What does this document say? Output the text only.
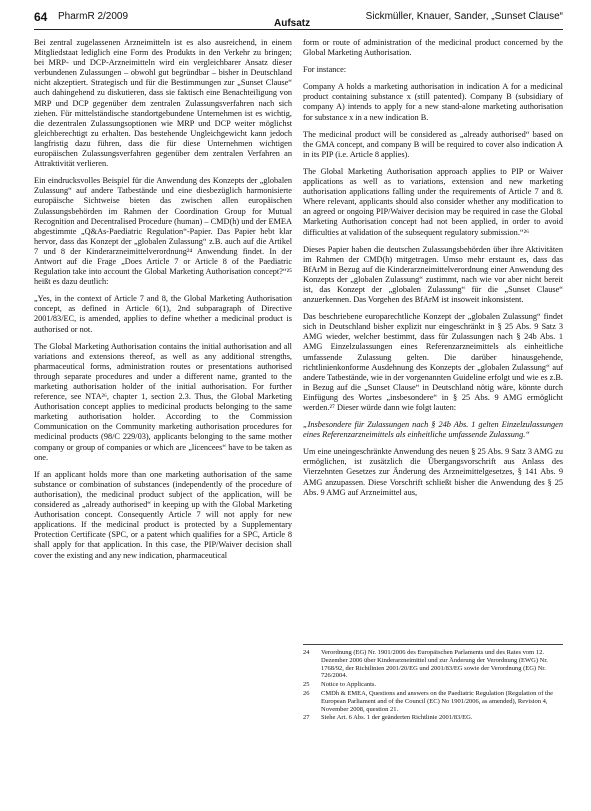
64 PharmR 2/2009
Aufsatz
Sickmüller, Knauer, Sander, „Sunset Clause“

Bei zentral zugelassenen Arzneimitteln ist es also ausreichend, in einem Mitgliedstaat lediglich eine Form des Produkts in den Verkehr zu bringen; bei MRP- und DCP-Arzneimitteln wird ein vergleichbarer Ansatz dieser verbundenen Zulassungen – obwohl gut begründbar – bisher in Deutschland nicht akzeptiert. Strategisch und für die Bestimmungen zur „Sunset Clause“ auch dahingehend zu diskutieren, dass sie faktisch eine Benachteiligung von MRP und DCP gegenüber dem zentralen Zulassungsverfahren nach sich ziehen. Für mittelständische standortgebundene Unternehmen ist es wichtig, die dezentralen Zulassungsoptionen wie MRP und DCP weiter möglichst gleichberechtigt zu erhalten. Das bestehende Ungleichgewicht kann jedoch langfristig dazu führen, dass die für diese Unternehmen wichtigen europäischen Zulassungsverfahren gegenüber dem zentralen Verfahren an Attraktivität verlieren.

Ein eindrucksvolles Beispiel für die Anwendung des Konzepts der „globalen Zulassung“ auf andere Tatbestände und eine diesbezüglich harmonisierte europäische Sichtweise bieten das zwischen allen europäischen Zulassungsbehörden im Rahmen der Coordination Group for Mutual Recognition and Decentralised Procedure (human) – CMD(h) und der EMEA abgestimmte „Q&As-Paediatric Regulation“-Papier. Das Papier hebt klar hervor, dass das Konzept der „globalen Zulassung“ z.B. auch auf die Artikel 7 und 8 der Kinderarzneimittelverordnung²⁴ Anwendung findet. In der Antwort auf die Frage „Does Article 7 or Article 8 of the Paediatric Regulation take into account the Global Marketing Authorisation concept?“²⁵ heißt es dazu deutlich:

„Yes, in the context of Article 7 and 8, the Global Marketing Authorisation concept, as defined in Article 6(1), 2nd subparagraph of Directive 2001/83/EC, is amended, applies to define whether a medicinal product is authorised or not.

The Global Marketing Authorisation contains the initial authorisation and all variations and extensions thereof, as well as any additional strengths, pharmaceutical forms, administration routes or presentations authorised through separate procedures and under a different name, granted to the marketing authorisation holder of the initial authorisation. For further reference, see NTA²⁶, chapter 1, section 2.3. Thus, the Global Marketing Authorisation concept applies to medicinal products belonging to the same marketing authorisation holder. According to the Commission Communication on the Community marketing authorisation procedures for medicinal products (98/C 229/03), applicants belonging to the same mother company or group of companies or which are „licencees“ have to be taken as one.

If an applicant holds more than one marketing authorisation of the same substance or combination of substances (independently of the procedure of authorisation), the medicinal product subject of the application, will be considered as „already authorised“ in keeping up with the Global Marketing Authorisation concept. Consequently Article 7 will not apply for new applications. If the medicinal product is protected by a Supplementary Protection Certificate (SPC, or a patent which qualifies for a SPC, Article 8 shall apply for that application. In this case, the PIP/Waiver decision shall cover the existing and any new indication, pharmaceutical

form or route of administration of the medicinal product concerned by the Global Marketing Authorisation.

For instance:

Company A holds a marketing authorisation in indication A for a medicinal product containing substance x (still patented). Company B (subsidiary of company A) intends to apply for a new stand-alone marketing authorisation for substance x in a new indication B.

The medicinal product will be considered as „already authorised“ based on the GMA concept, and company B will be required to cover also indication A in its PIP (i.e. Article 8 applies).

The Global Marketing Authorisation approach applies to PIP or Waiver applications as well as to variations, extension and new marketing authorisation applications falling under the requirements of Article 7 and 8. Where relevant, applicants should also consider whether any modification to an agreed or ongoing PIP/Waiver decision may be required in case the Global Marketing Authorisation concept had not been applied, in order to avoid difficulties at validation of the subsequent regulatory submission.“²⁶

Dieses Papier haben die deutschen Zulassungsbehörden über ihre Aktivitäten im Rahmen der CMD(h) mitgetragen. Umso mehr erstaunt es, dass das BfArM in Bezug auf die Kinderarzneimittelverordnung einer Anwendung des Konzepts der „globalen Zulassung“ zustimmt, nach wie vor aber nicht bereit ist, das Konzept der „globalen Zulassung“ für die „Sunset Clause“ anzuerkennen. Das Vorgehen des BfArM ist insoweit inkonsistent.

Das beschriebene europarechtliche Konzept der „globalen Zulassung“ findet sich in Deutschland bisher explizit nur eingeschränkt in § 25 Abs. 9 Satz 3 AMG wieder, welcher bestimmt, dass für Zulassungen nach § 24b Abs. 1 AMG Einzelzulassungen eines Referenzarzneimittels als einheitliche umfassende Zulassung gelten. Die darüber hinausgehende, richtlinienkonforme Ausdehnung des Konzepts der „globalen Zulassung“ auf andere Tatbestände, wie in der vorgenannten Guideline erfolgt und wie es z.B. in Bezug auf die „Sunset Clause“ in Deutschland nötig wäre, könnte durch Einfügung des Wortes „insbesondere“ in § 25 Abs. 9 AMG ermöglicht werden.²⁷ Dieser würde dann wie folgt lauten:

„Insbesondere für Zulassungen nach § 24b Abs. 1 gelten Einzelzulassungen eines Referenzarzneimittels als einheitliche umfassende Zulassung.“

Um eine uneingeschränkte Anwendung des neuen § 25 Abs. 9 Satz 3 AMG zu ermöglichen, ist zusätzlich die Übergangsvorschrift aus Anlass des Vierzehnten Gesetzes zur Änderung des Arzneimittelgesetzes, § 141 Abs. 9 AMG anzupassen. Diese Vorschrift schließt bisher die Anwendung des § 25 Abs. 9 AMG auf Arzneimittel aus,

24	Verordnung (EG) Nr. 1901/2006 des Europäischen Parlaments und des Rates vom 12. Dezember 2006 über Kinderarzneimittel und zur Änderung der Verordnung (EWG) Nr. 1768/92, der Richtlinien 2001/20/EG und 2001/83/EG sowie der Verordnung (EG) Nr. 726/2004.
25	Notice to Applicants.
26	CMDh & EMEA, Questions and answers on the Paediatric Regulation (Regulation of the European Parliament and of the Council (EC) No 1901/2006, as amended), Revision 4, November 2008, question 21.
27	Siehe Art. 6 Abs. 1 der geänderten Richtlinie 2001/83/EG.
